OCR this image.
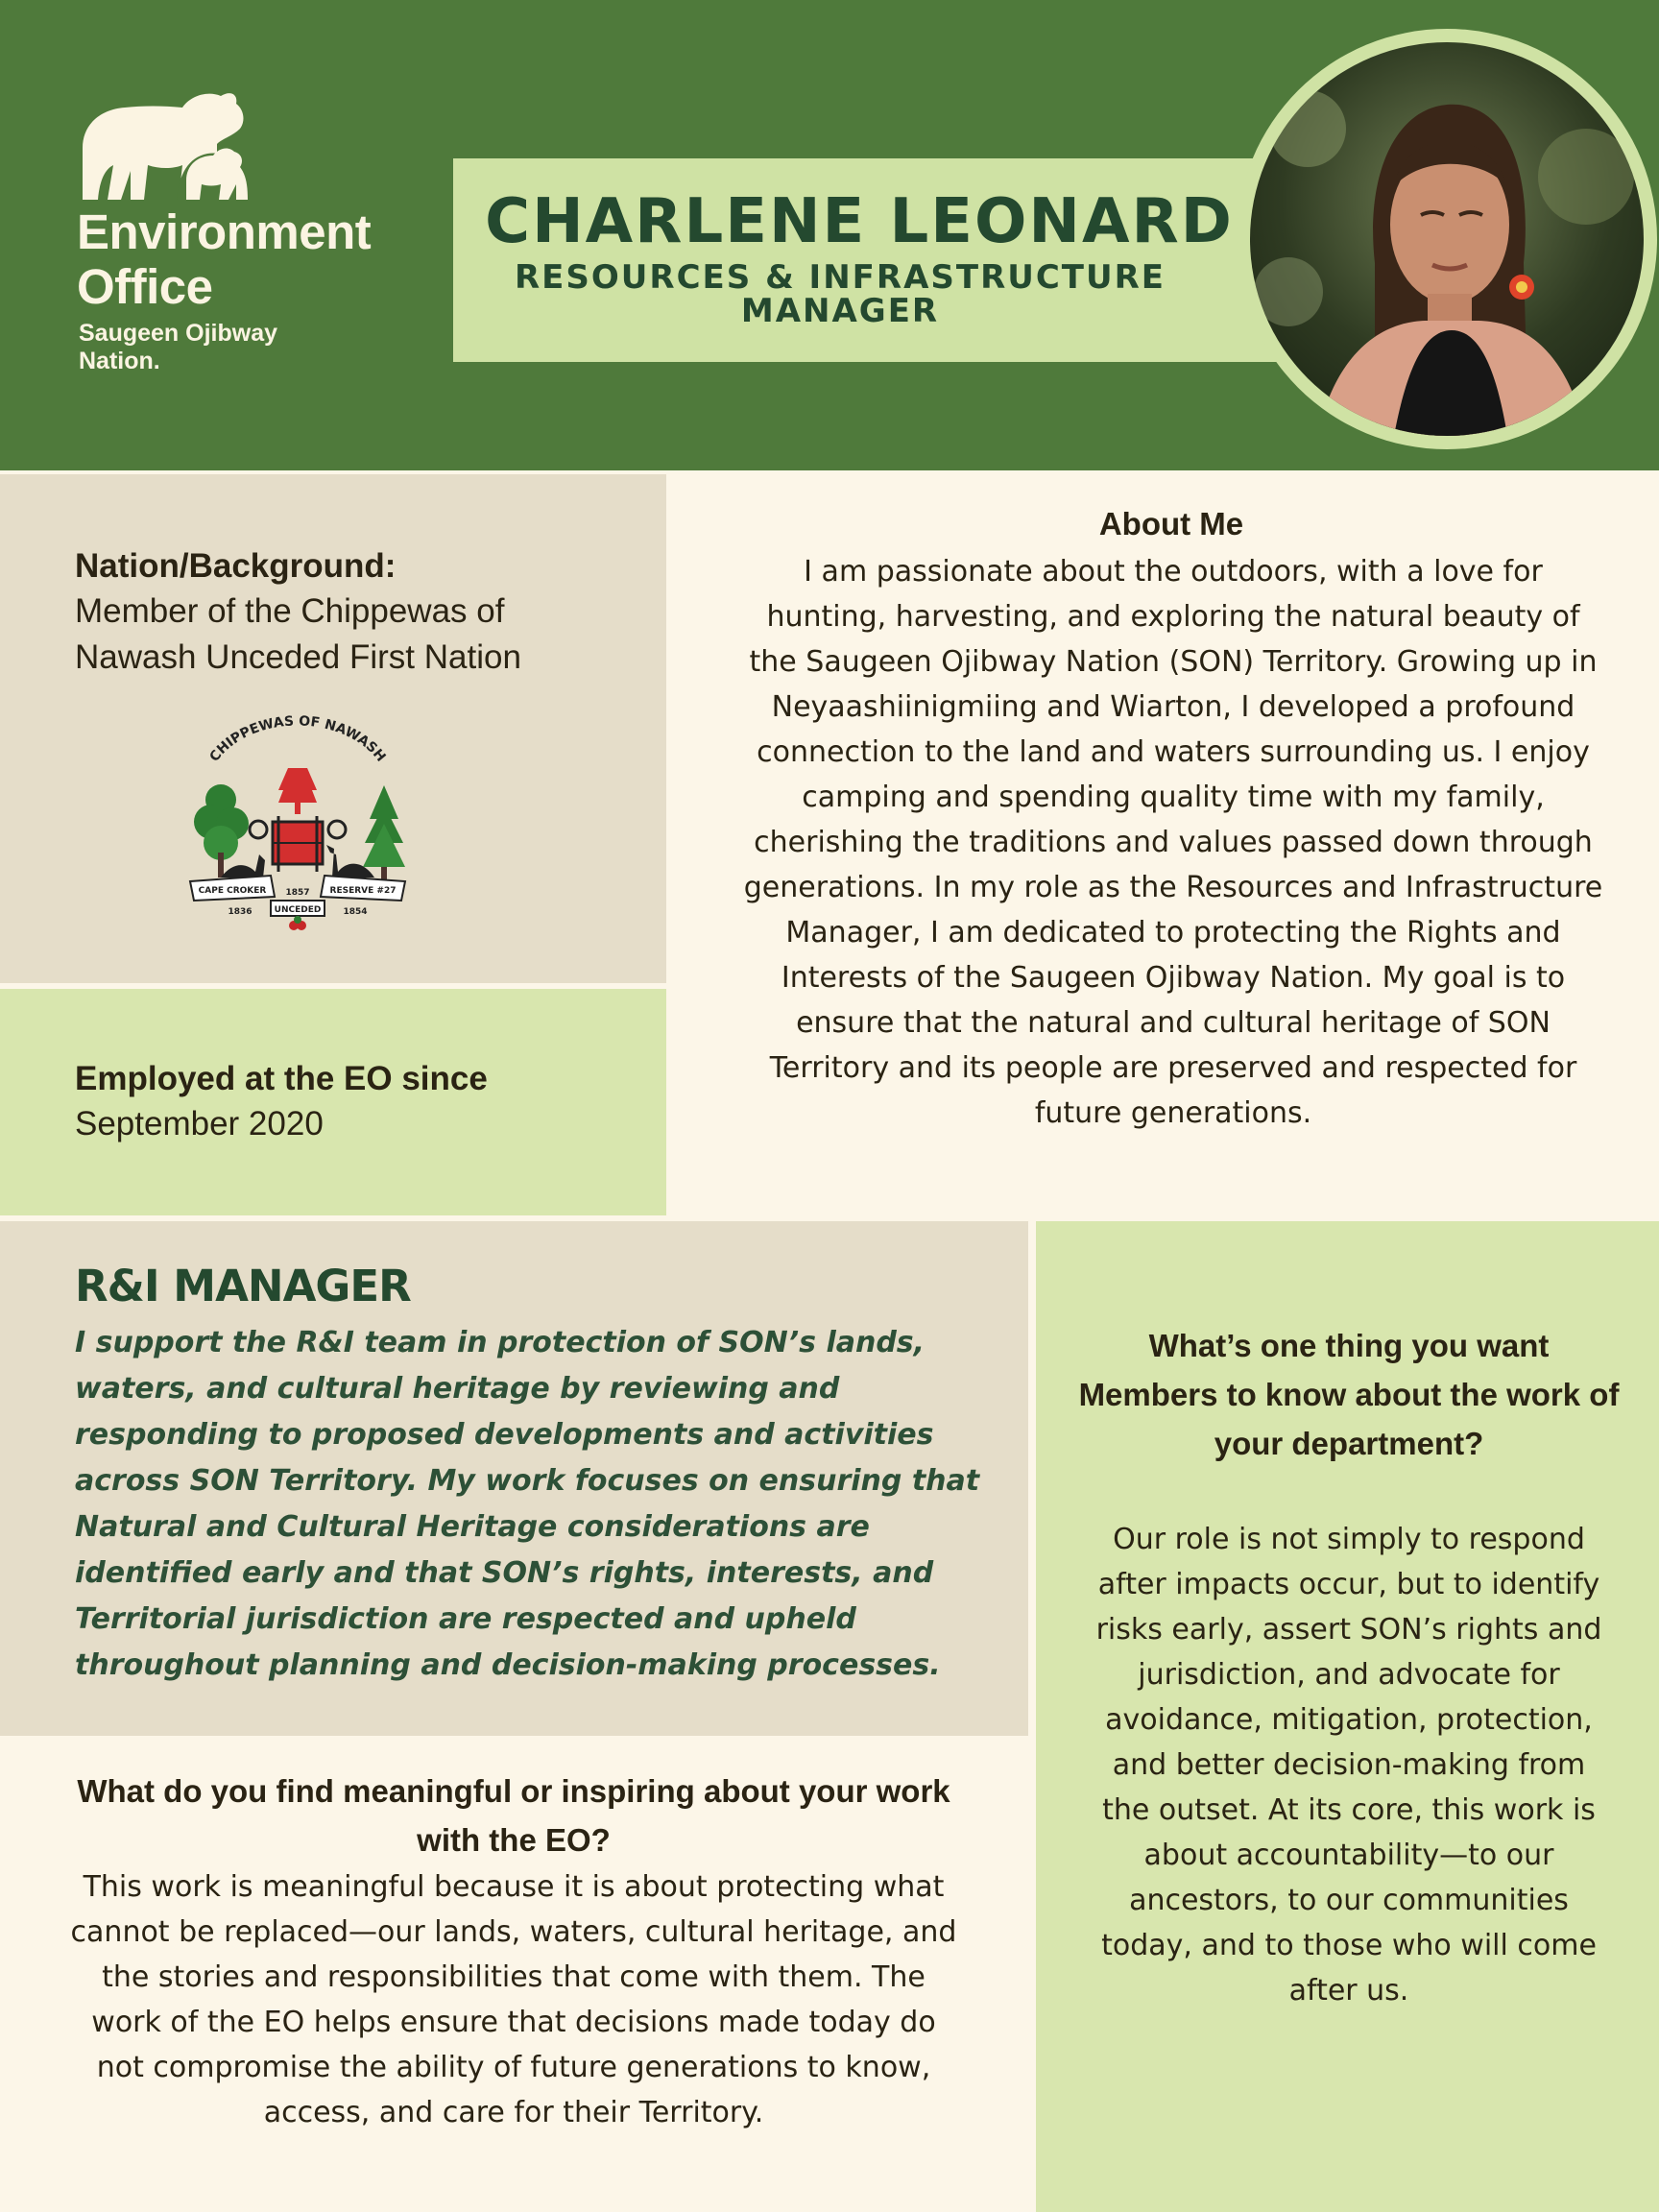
Environment
Office
Saugeen Ojibway
Nation.
CHARLENE LEONARD
RESOURCES & INFRASTRUCTURE MANAGER
Nation/Background:
Member of the Chippewas of Nawash Unceded First Nation
CHIPPEWAS OF NAWASH
CAPE CROKER	RESERVE #27
UNCEDED
1857
1836	1854
Employed at the EO since
September 2020
About Me
I am passionate about the outdoors, with a love for hunting, harvesting, and exploring the natural beauty of the Saugeen Ojibway Nation (SON) Territory. Growing up in Neyaashiinigmiing and Wiarton, I developed a profound connection to the land and waters surrounding us. I enjoy camping and spending quality time with my family, cherishing the traditions and values passed down through generations. In my role as the Resources and Infrastructure Manager, I am dedicated to protecting the Rights and Interests of the Saugeen Ojibway Nation. My goal is to ensure that the natural and cultural heritage of SON Territory and its people are preserved and respected for future generations.
R&I MANAGER
I support the R&I team in protection of SON’s lands, waters, and cultural heritage by reviewing and responding to proposed developments and activities across SON Territory. My work focuses on ensuring that Natural and Cultural Heritage considerations are identified early and that SON’s rights, interests, and Territorial jurisdiction are respected and upheld throughout planning and decision-making processes.
What do you find meaningful or inspiring about your work with the EO?
This work is meaningful because it is about protecting what cannot be replaced—our lands, waters, cultural heritage, and the stories and responsibilities that come with them. The work of the EO helps ensure that decisions made today do not compromise the ability of future generations to know, access, and care for their Territory.
What’s one thing you want Members to know about the work of your department?
Our role is not simply to respond after impacts occur, but to identify risks early, assert SON’s rights and jurisdiction, and advocate for avoidance, mitigation, protection, and better decision-making from the outset. At its core, this work is about accountability—to our ancestors, to our communities today, and to those who will come after us.
